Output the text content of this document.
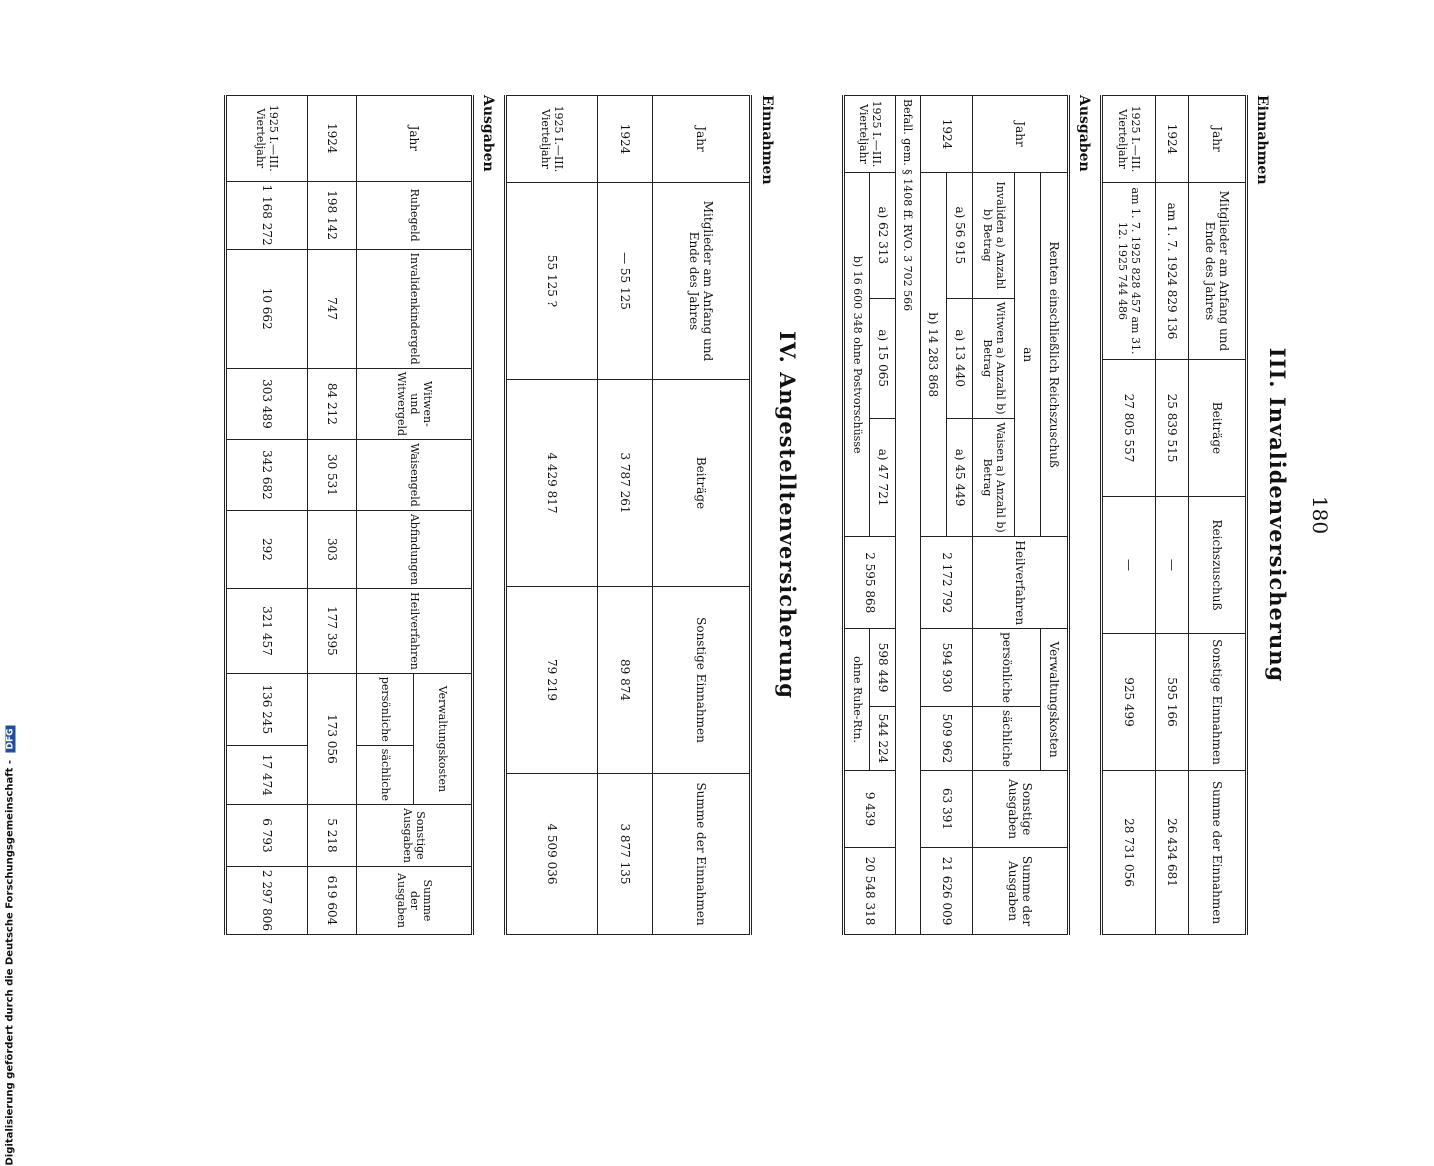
Digitalisierung gefördert durch die Deutsche Forschungsgemeinschaft - DFG
180
III. Invalidenversicherung
Einnahmen
Jahr	Mitglieder am Anfang und Ende des Jahres	Beiträge	Reichszuschuß	Sonstige Einnahmen	Summe der Einnahmen
1924	am 1. 7. 1924 829 136	25 839 515	—	595 166	26 434 681
1925 I.—III. Vierteljahr	am 1. 7. 1925 828 457 am 31. 12. 1925 744 486	27 805 557	—	925 499	28 731 056
Ausgaben
Jahr	Renten einschließlich Reichszuschuß			Heilverfahren	Verwaltungskosten		Sonstige Ausgaben	Summe der Ausgaben
	an				persönliche	sächliche		
	Invaliden a) Anzahl b) Betrag	Witwen a) Anzahl b) Betrag	Waisen a) Anzahl b) Betrag					
1924	a) 56 915	a) 13 440	a) 45 449	2 172 792	594 930	509 962	63 391	21 626 009
	b) 14 283 868							
Befall. gem. § 1408 ff. RVO. 3 702 566								
1925 I.—III. Vierteljahr	a) 62 313	a) 15 065	a) 47 721	2 595 868	598 449	544 224	9 439	20 548 318
	b) 16 600 348 ohne Postvorschüsse				ohne Ruhe-Rtn.			
IV. Angestelltenversicherung
Einnahmen
Jahr	Mitglieder am Anfang und Ende des Jahres	Beiträge	Sonstige Einnahmen	Summe der Einnahmen
1924	— 55 125	3 787 261	89 874	3 877 135
1925 I.—III. Vierteljahr	55 125 ?	4 429 817	79 219	4 509 036
Ausgaben
Jahr	Ruhegeld	Invalidenkindergeld	Witwen- und Witwergeld	Waisengeld	Abfindungen	Heilverfahren	Verwaltungskosten		Sonstige Ausgaben	Summe der Ausgaben
							persönliche	sächliche		
1924	198 142	747	84 212	30 531	303	177 395	173 056		5 218	619 604
1925 I.—III. Vierteljahr	1 168 272	10 662	303 489	342 682	292	321 457	136 245	17 474	6 793	2 297 806
